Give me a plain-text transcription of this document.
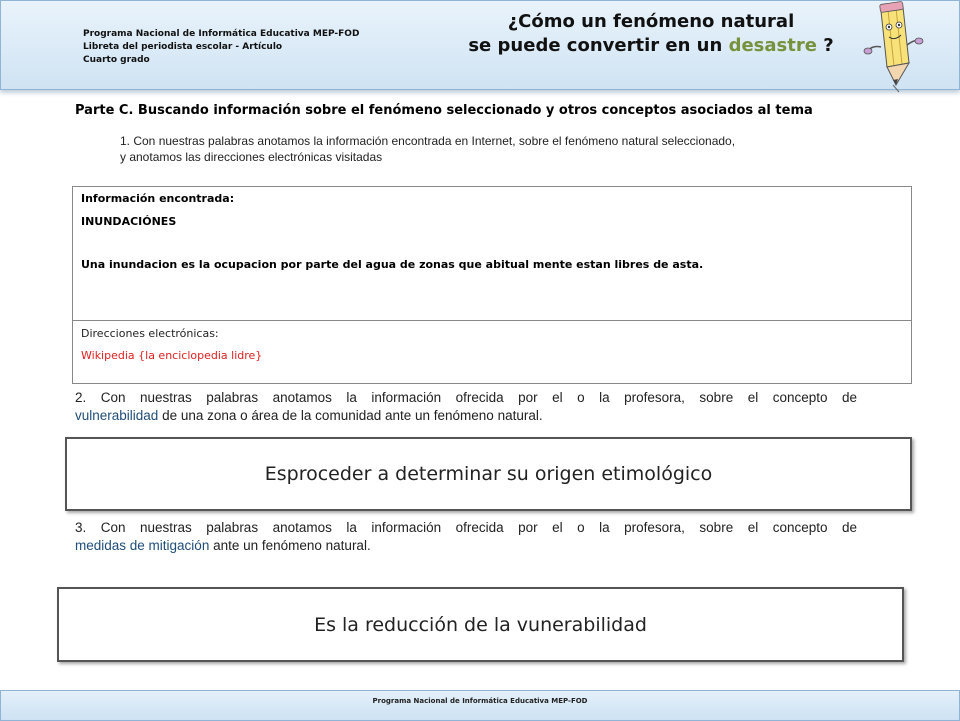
Programa Nacional de Informática Educativa MEP-FOD
Libreta del periodista escolar - Artículo
Cuarto grado
¿Cómo un fenómeno natural
se puede convertir en un desastre ?
Parte C. Buscando información sobre el fenómeno seleccionado y otros conceptos asociados al tema
1. Con nuestras palabras anotamos la información encontrada en Internet, sobre el fenómeno natural seleccionado,
y anotamos las direcciones electrónicas visitadas
Información encontrada:
INUNDACIÓNES
Una inundacion es la ocupacion por parte del agua de zonas que abitual mente estan libres de asta.
Direcciones electrónicas:
Wikipedia {la enciclopedia lidre}
2. Con nuestras palabras anotamos la información ofrecida por el o la profesora, sobre el concepto de
vulnerabilidad de una zona o área de la comunidad ante un fenómeno natural.
Esproceder a determinar su origen etimológico
3. Con nuestras palabras anotamos la información ofrecida por el o la profesora, sobre el concepto de
medidas de mitigación ante un fenómeno natural.
Es la reducción de la vunerabilidad
Programa Nacional de Informática Educativa MEP-FOD
